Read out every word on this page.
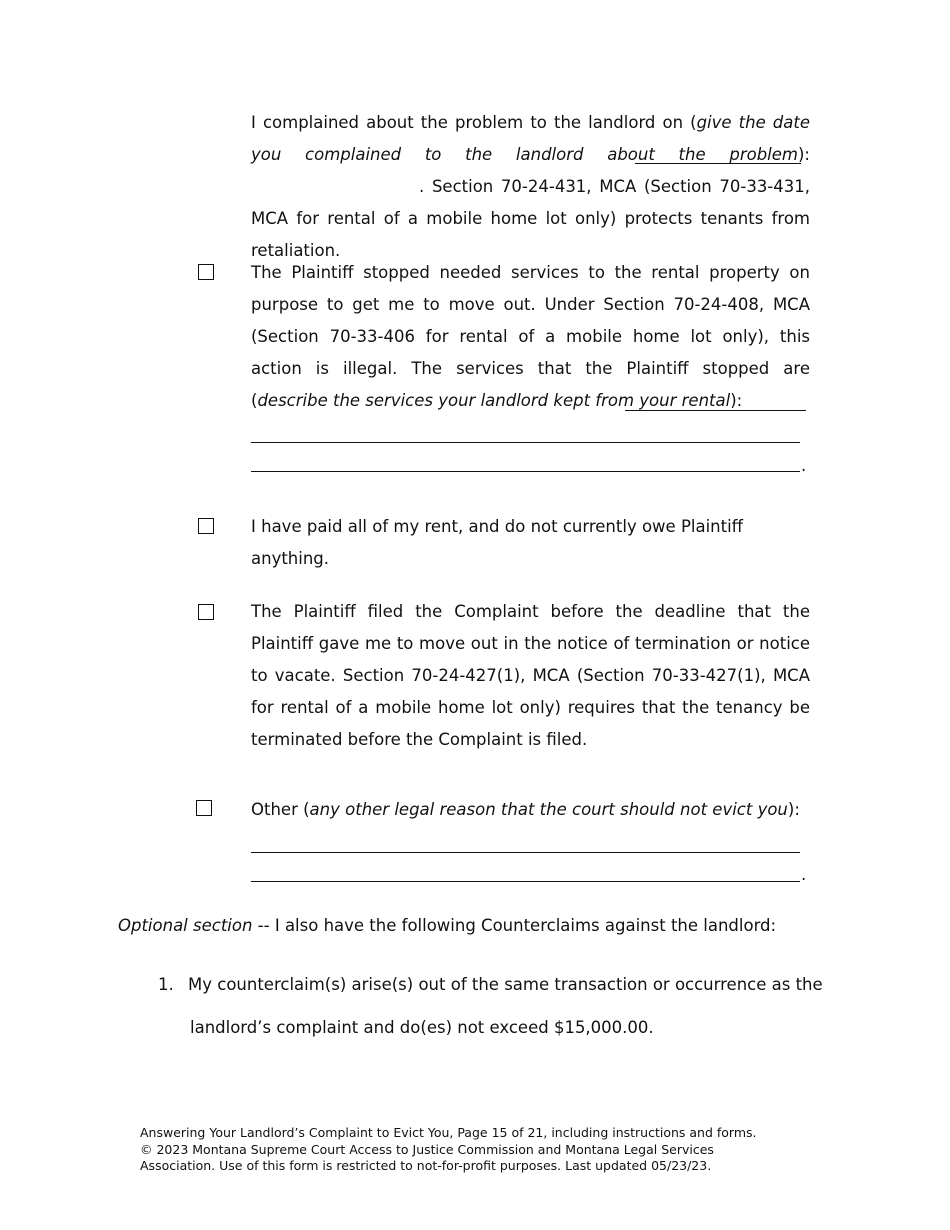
I complained about the problem to the landlord on (give the date you complained to the landlord about the problem):. Section 70-24-431, MCA (Section 70-33-431, MCA for rental of a mobile home lot only) protects tenants from retaliation.

The Plaintiff stopped needed services to the rental property on purpose to get me to move out. Under Section 70-24-408, MCA (Section 70-33-406 for rental of a mobile home lot only), this action is illegal. The services that the Plaintiff stopped are (describe the services your landlord kept from your rental):

.

I have paid all of my rent, and do not currently owe Plaintiff anything.

The Plaintiff filed the Complaint before the deadline that the Plaintiff gave me to move out in the notice of termination or notice to vacate. Section 70-24-427(1), MCA (Section 70-33-427(1), MCA for rental of a mobile home lot only) requires that the tenancy be terminated before the Complaint is filed.

Other (any other legal reason that the court should not evict you):

.

Optional section -- I also have the following Counterclaims against the landlord:

1. My counterclaim(s) arise(s) out of the same transaction or occurrence as the

landlord’s complaint and do(es) not exceed $15,000.00.

Answering Your Landlord’s Complaint to Evict You, Page 15 of 21, including instructions and forms.

© 2023 Montana Supreme Court Access to Justice Commission and Montana Legal Services Association. Use of this form is restricted to not-for-profit purposes. Last updated 05/23/23.
